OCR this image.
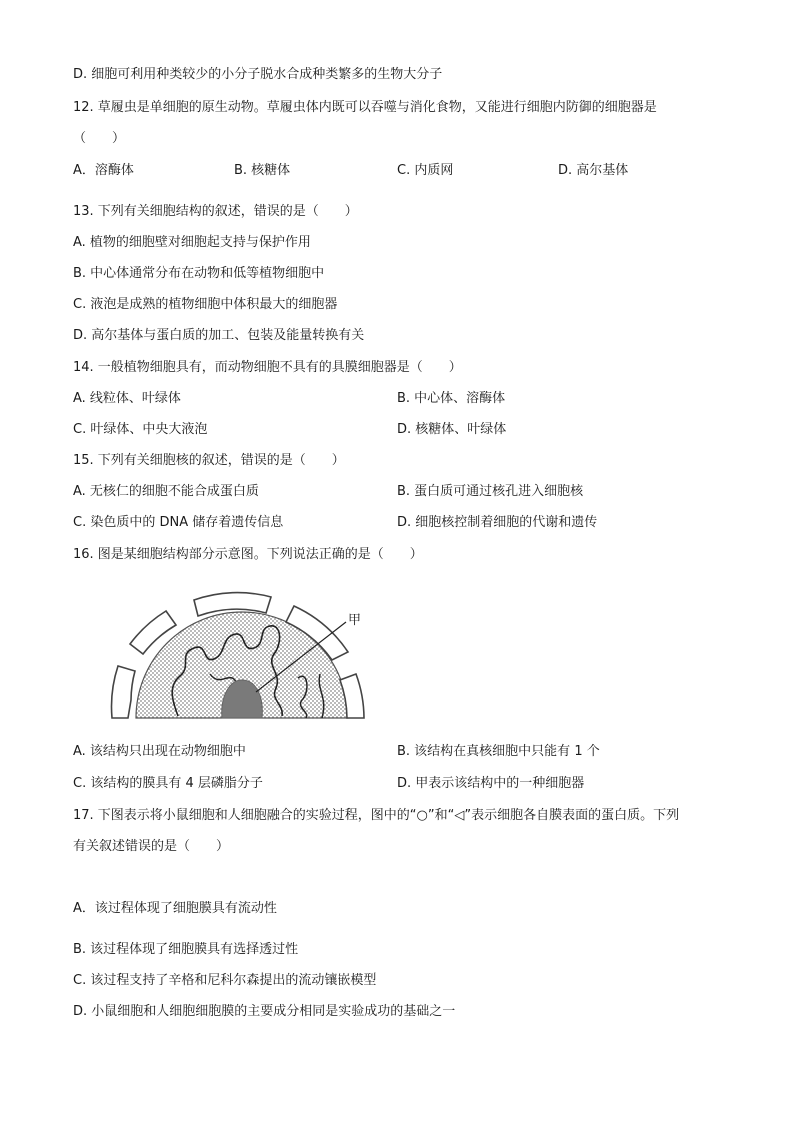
D. 细胞可利用种类较少的小分子脱水合成种类繁多的生物大分子
12. 草履虫是单细胞的原生动物。草履虫体内既可以吞噬与消化食物，又能进行细胞内防御的细胞器是
（　　）
A．溶酶体	B. 核糖体	C. 内质网	D. 高尔基体
13. 下列有关细胞结构的叙述，错误的是（　　）
A. 植物的细胞壁对细胞起支持与保护作用
B. 中心体通常分布在动物和低等植物细胞中
C. 液泡是成熟的植物细胞中体积最大的细胞器
D. 高尔基体与蛋白质的加工、包装及能量转换有关
14. 一般植物细胞具有，而动物细胞不具有的具膜细胞器是（　　）
A. 线粒体、叶绿体	B. 中心体、溶酶体
C. 叶绿体、中央大液泡	D. 核糖体、叶绿体
15. 下列有关细胞核的叙述，错误的是（　　）
A. 无核仁的细胞不能合成蛋白质	B. 蛋白质可通过核孔进入细胞核
C. 染色质中的 DNA 储存着遗传信息	D. 细胞核控制着细胞的代谢和遗传
16. 图是某细胞结构部分示意图。下列说法正确的是（　　）
甲
A. 该结构只出现在动物细胞中	B. 该结构在真核细胞中只能有 1 个
C. 该结构的膜具有 4 层磷脂分子	D. 甲表示该结构中的一种细胞器
17. 下图表示将小鼠细胞和人细胞融合的实验过程，图中的“○”和“◁”表示细胞各自膜表面的蛋白质。下列
有关叙述错误的是（　　）
A．该过程体现了细胞膜具有流动性
B. 该过程体现了细胞膜具有选择透过性
C. 该过程支持了辛格和尼科尔森提出的流动镶嵌模型
D. 小鼠细胞和人细胞细胞膜的主要成分相同是实验成功的基础之一
